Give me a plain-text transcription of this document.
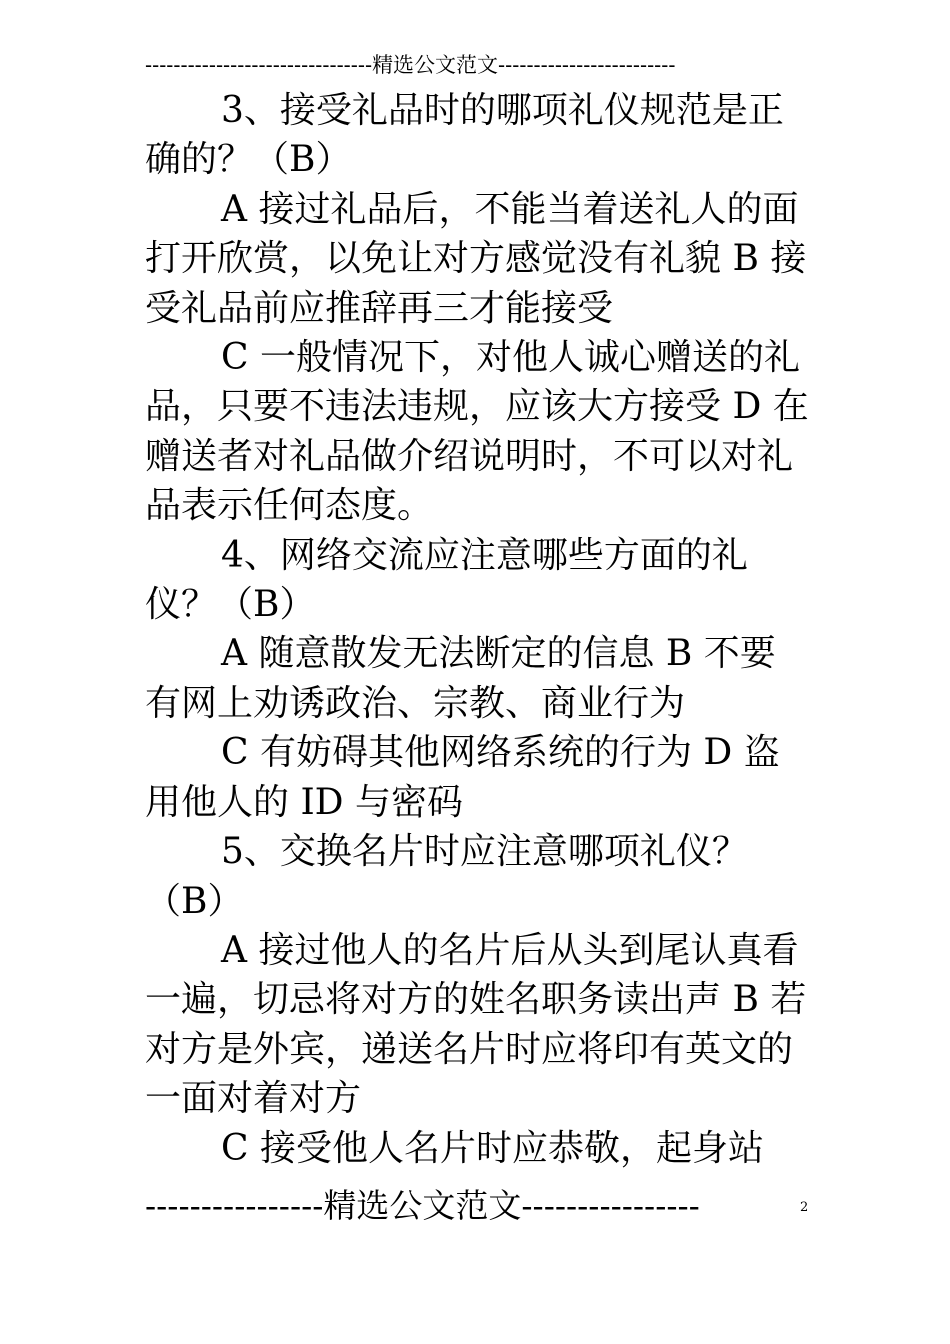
--------------------------------精选公文范文-------------------------

3、接受礼品时的哪项礼仪规范是正确的？（B）

A 接过礼品后，不能当着送礼人的面打开欣赏，以免让对方感觉没有礼貌 B 接受礼品前应推辞再三才能接受

C 一般情况下，对他人诚心赠送的礼品，只要不违法违规，应该大方接受 D 在赠送者对礼品做介绍说明时，不可以对礼品表示任何态度。

4、网络交流应注意哪些方面的礼仪？（B）

A 随意散发无法断定的信息 B 不要有网上劝诱政治、宗教、商业行为

C 有妨碍其他网络系统的行为 D 盗用他人的 ID 与密码

5、交换名片时应注意哪项礼仪？（B）

A 接过他人的名片后从头到尾认真看一遍，切忌将对方的姓名职务读出声 B 若对方是外宾，递送名片时应将印有英文的一面对着对方

C 接受他人名片时应恭敬，起身站

----------------精选公文范文----------------	2
